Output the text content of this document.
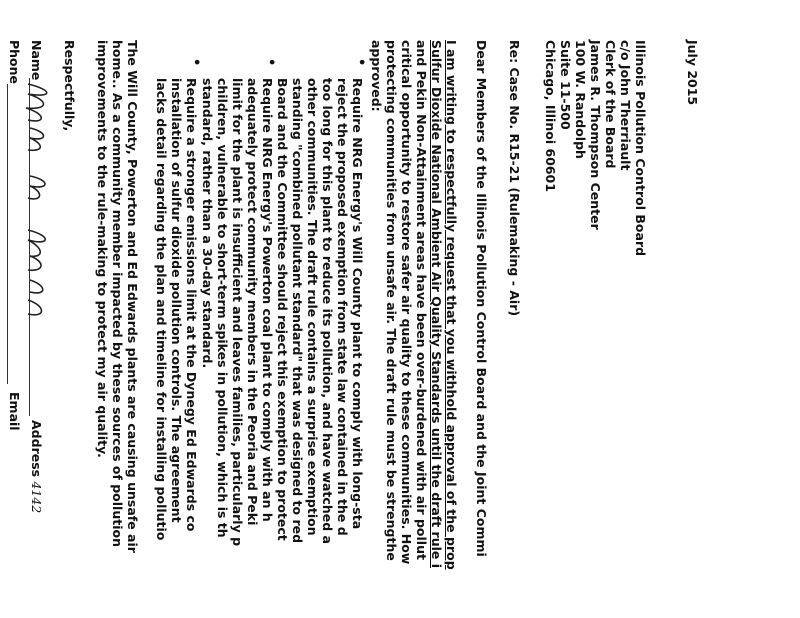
July 2015
Illinois Pollution Control Board
c/o John Therriault
Clerk of the Board
James R. Thompson Center
100 W. Randolph
Suite 11-500
Chicago, Illinoi 60601
Re: Case No. R15-21 (Rulemaking - Air)
Dear Members of the Illinois Pollution Control Board and the Joint Commi
I am writing to respectfully request that you withhold approval of the prop
Sulfur Dioxide National Ambient Air Quality Standards until the draft rule i
and Pekin Non-Attainment areas have been over-burdened with air pollut
critical opportunity to restore safer air quality to these communities. How
protecting communities from unsafe air. The draft rule must be strengthe
approved:
•
Require NRG Energy's Will County plant to comply with long-sta
reject the proposed exemption from state law contained in the d
too long for this plant to reduce its pollution, and have watched a
other communities. The draft rule contains a surprise exemption
standing "combined pollutant standard" that was designed to red
Board and the Committee should reject this exemption to protect
•
Require NRG Energy's Powerton coal plant to comply with an h
adequately protect community members in the Peoria and Peki
limit for the plant is insufficient and leaves families, particularly p
children, vulnerable to short-term spikes in pollution, which is th
standard, rather than a 30-day standard.
•
Require a stronger emissions limit at the Dynegy Ed Edwards co
installation of sulfur dioxide pollution controls. The agreement
lacks detail regarding the plan and timeline for installing pollutio
The Will County, Powerton and Ed Edwards plants are causing unsafe air
home.. As a community member impacted by these sources of pollution
improvements to the rule-making to protect my air quality.
Respectfully,
Name
Address 4142
Phone
Email
